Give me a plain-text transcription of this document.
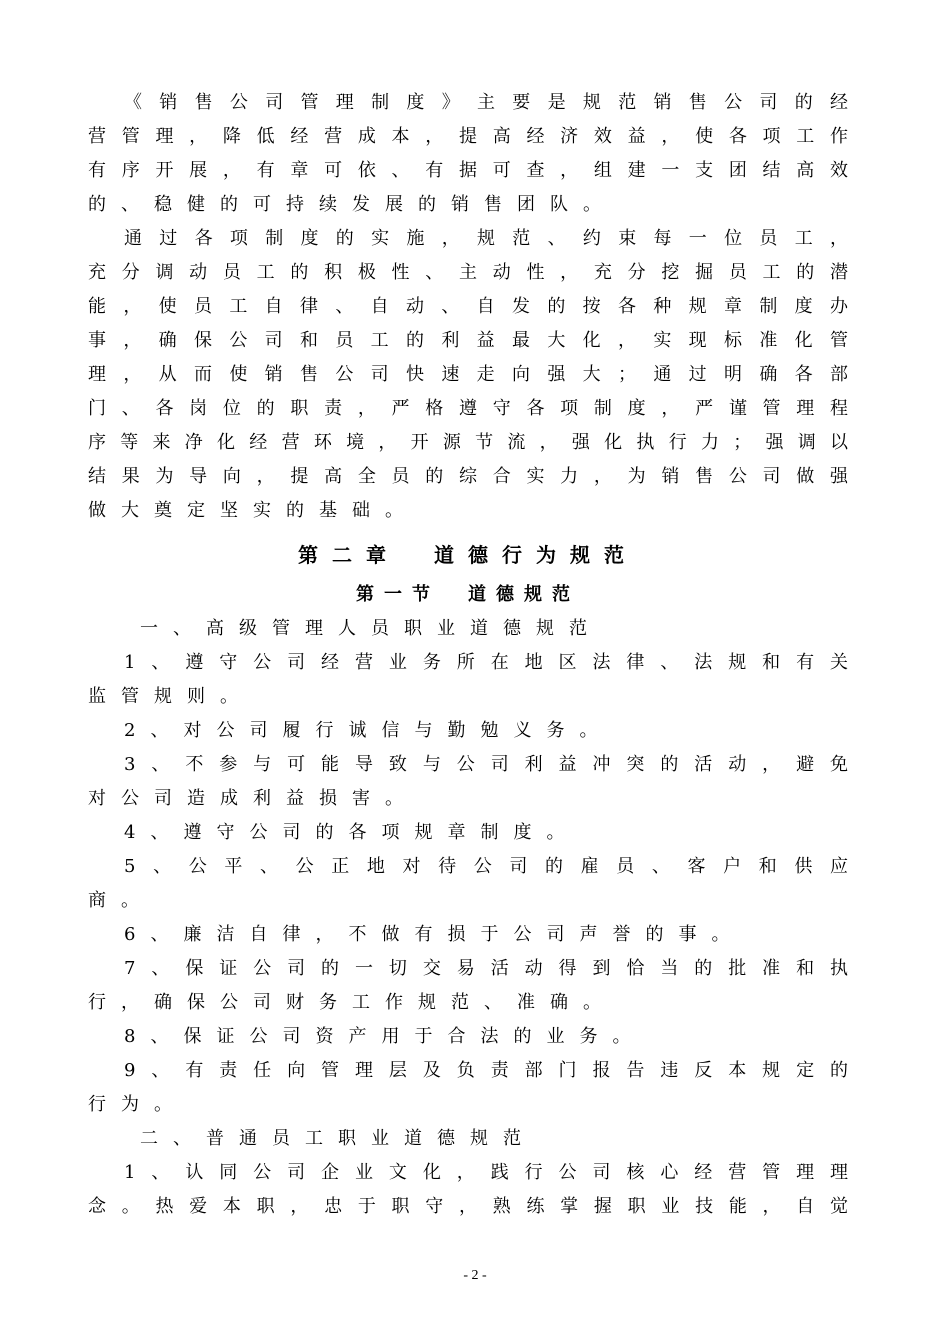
《销售公司管理制度》主要是规范销售公司的经
营管理，降低经营成本，提高经济效益，使各项工作
有序开展，有章可依、有据可查，组建一支团结高效
的、稳健的可持续发展的销售团队。
通过各项制度的实施，规范、约束每一位员工，
充分调动员工的积极性、主动性，充分挖掘员工的潜
能，使员工自律、自动、自发的按各种规章制度办
事，确保公司和员工的利益最大化，实现标准化管
理，从而使销售公司快速走向强大；通过明确各部
门、各岗位的职责，严格遵守各项制度，严谨管理程
序等来净化经营环境，开源节流，强化执行力；强调以
结果为导向，提高全员的综合实力，为销售公司做强
做大奠定坚实的基础。
第二章　道德行为规范
第一节　道德规范
一、高级管理人员职业道德规范
1、遵守公司经营业务所在地区法律、法规和有关
监管规则。
2、对公司履行诚信与勤勉义务。
3、不参与可能导致与公司利益冲突的活动，避免
对公司造成利益损害。
4、遵守公司的各项规章制度。
5、公平、公正地对待公司的雇员、客户和供应
商。
6、廉洁自律，不做有损于公司声誉的事。
7、保证公司的一切交易活动得到恰当的批准和执
行，确保公司财务工作规范、准确。
8、保证公司资产用于合法的业务。
9、有责任向管理层及负责部门报告违反本规定的
行为。
二、普通员工职业道德规范
1、认同公司企业文化，践行公司核心经营管理理
念。热爱本职，忠于职守，熟练掌握职业技能，自觉
- 2 -
